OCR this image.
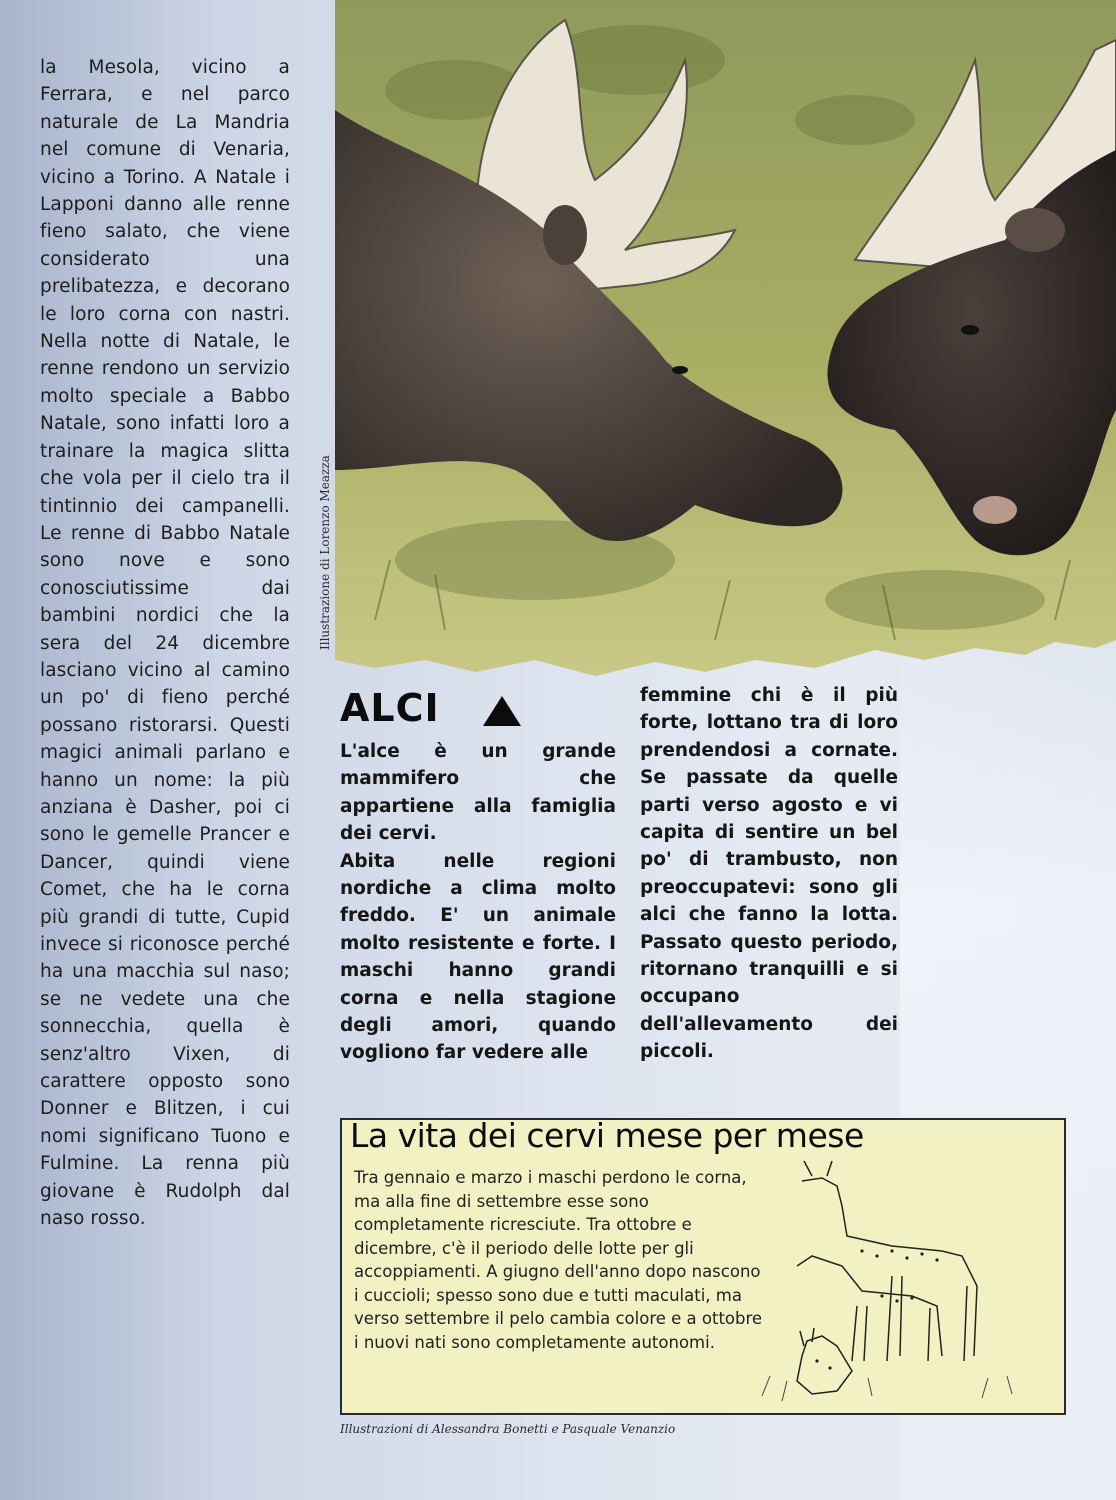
la Mesola, vicino a Ferrara, e nel parco naturale de La Mandria nel comune di Venaria, vicino a Torino. A Natale i Lapponi danno alle renne fieno salato, che viene considerato una prelibatezza, e decorano le loro corna con nastri. Nella notte di Natale, le renne rendono un servizio molto speciale a Babbo Natale, sono infatti loro a trainare la magica slitta che vola per il cielo tra il tintinnio dei campanelli. Le renne di Babbo Natale sono nove e sono conosciutissime dai bambini nordici che la sera del 24 dicembre lasciano vicino al camino un po' di fieno perché possano ristorarsi. Questi magici animali parlano e hanno un nome: la più anziana è Dasher, poi ci sono le gemelle Prancer e Dancer, quindi viene Comet, che ha le corna più grandi di tutte, Cupid invece si riconosce perché ha una macchia sul naso; se ne vedete una che sonnecchia, quella è senz'altro Vixen, di carattere opposto sono Donner e Blitzen, i cui nomi significano Tuono e Fulmine. La renna più giovane è Rudolph dal naso rosso.

Illustrazione di Lorenzo Meazza
ALCI

L'alce è un grande mammifero che appartiene alla famiglia dei cervi.

Abita nelle regioni nordiche a clima molto freddo. E' un animale molto resistente e forte. I maschi hanno grandi corna e nella stagione degli amori, quando vogliono far vedere alle

femmine chi è il più forte, lottano tra di loro prendendosi a cornate. Se passate da quelle parti verso agosto e vi capita di sentire un bel po' di trambusto, non preoccupatevi: sono gli alci che fanno la lotta. Passato questo periodo, ritornano tranquilli e si occupano dell'allevamento dei piccoli.

La vita dei cervi mese per mese
Tra gennaio e marzo i maschi perdono le corna, ma alla fine di settembre esse sono completamente ricresciute. Tra ottobre e dicembre, c'è il periodo delle lotte per gli accoppiamenti. A giugno dell'anno dopo nascono i cuccioli; spesso sono due e tutti maculati, ma verso settembre il pelo cambia colore e a ottobre i nuovi nati sono completamente autonomi.
Illustrazioni di Alessandra Bonetti e Pasquale Venanzio
